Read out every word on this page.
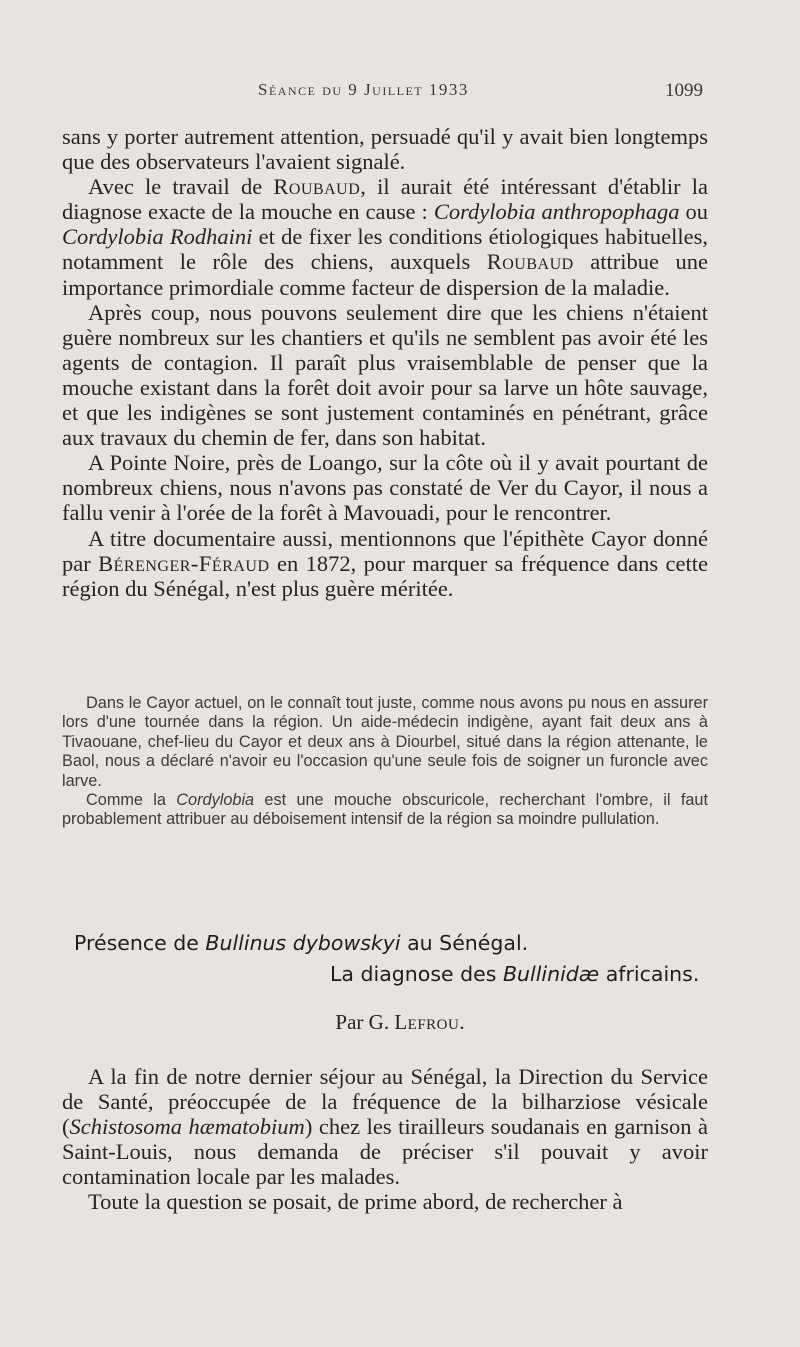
Séance du 9 Juillet 1933	1099

sans y porter autrement attention, persuadé qu'il y avait bien longtemps que des observateurs l'avaient signalé.

Avec le travail de Roubaud, il aurait été intéressant d'établir la diagnose exacte de la mouche en cause : Cordylobia anthropophaga ou Cordylobia Rodhaini et de fixer les conditions étiologiques habituelles, notamment le rôle des chiens, auxquels Roubaud attribue une importance primordiale comme facteur de dispersion de la maladie.

Après coup, nous pouvons seulement dire que les chiens n'étaient guère nombreux sur les chantiers et qu'ils ne semblent pas avoir été les agents de contagion. Il paraît plus vraisemblable de penser que la mouche existant dans la forêt doit avoir pour sa larve un hôte sauvage, et que les indigènes se sont justement contaminés en pénétrant, grâce aux travaux du chemin de fer, dans son habitat.

A Pointe Noire, près de Loango, sur la côte où il y avait pourtant de nombreux chiens, nous n'avons pas constaté de Ver du Cayor, il nous a fallu venir à l'orée de la forêt à Mavouadi, pour le rencontrer.

A titre documentaire aussi, mentionnons que l'épithète Cayor donné par Bérenger-Féraud en 1872, pour marquer sa fréquence dans cette région du Sénégal, n'est plus guère méritée.

Dans le Cayor actuel, on le connaît tout juste, comme nous avons pu nous en assurer lors d'une tournée dans la région. Un aide-médecin indigène, ayant fait deux ans à Tivaouane, chef-lieu du Cayor et deux ans à Diourbel, situé dans la région attenante, le Baol, nous a déclaré n'avoir eu l'occasion qu'une seule fois de soigner un furoncle avec larve.

Comme la Cordylobia est une mouche obscuricole, recherchant l'ombre, il faut probablement attribuer au déboisement intensif de la région sa moindre pullulation.

Présence de Bullinus dybowskyi au Sénégal.
La diagnose des Bullinidæ africains.
Par G. Lefrou.

A la fin de notre dernier séjour au Sénégal, la Direction du Service de Santé, préoccupée de la fréquence de la bilharziose vésicale (Schistosoma hæmatobium) chez les tirailleurs soudanais en garnison à Saint-Louis, nous demanda de préciser s'il pouvait y avoir contamination locale par les malades.

Toute la question se posait, de prime abord, de rechercher à
